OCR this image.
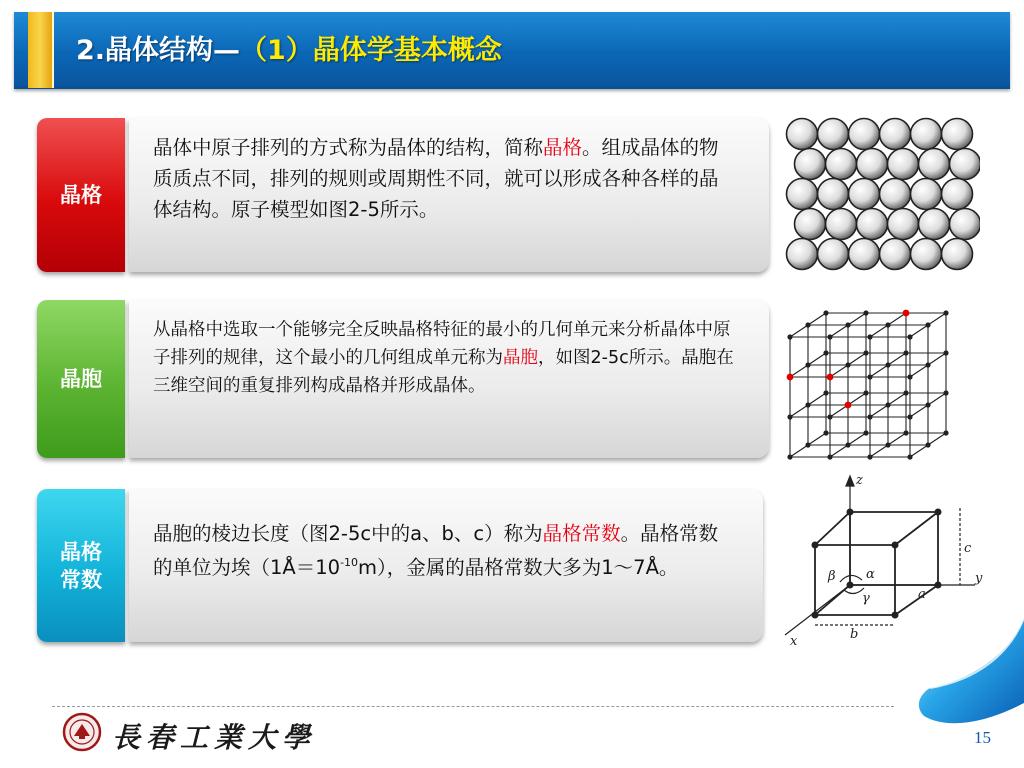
2.晶体结构—（1）晶体学基本概念
晶格

晶体中原子排列的方式称为晶体的结构，简称晶格。组成晶体的物质质点不同，排列的规则或周期性不同，就可以形成各种各样的晶体结构。原子模型如图2-5所示。

晶胞

从晶格中选取一个能够完全反映晶格特征的最小的几何单元来分析晶体中原子排列的规律，这个最小的几何组成单元称为晶胞，如图2-5c所示。晶胞在三维空间的重复排列构成晶格并形成晶体。

晶格
常数

晶胞的棱边长度（图2-5c中的a、b、c）称为晶格常数。晶格常数的单位为埃$(1Å=10^{-10}m)$，金属的晶格常数大多为1～7Å。

z
y
x
c
b
a
α
β
γ
長春工業大學	15
